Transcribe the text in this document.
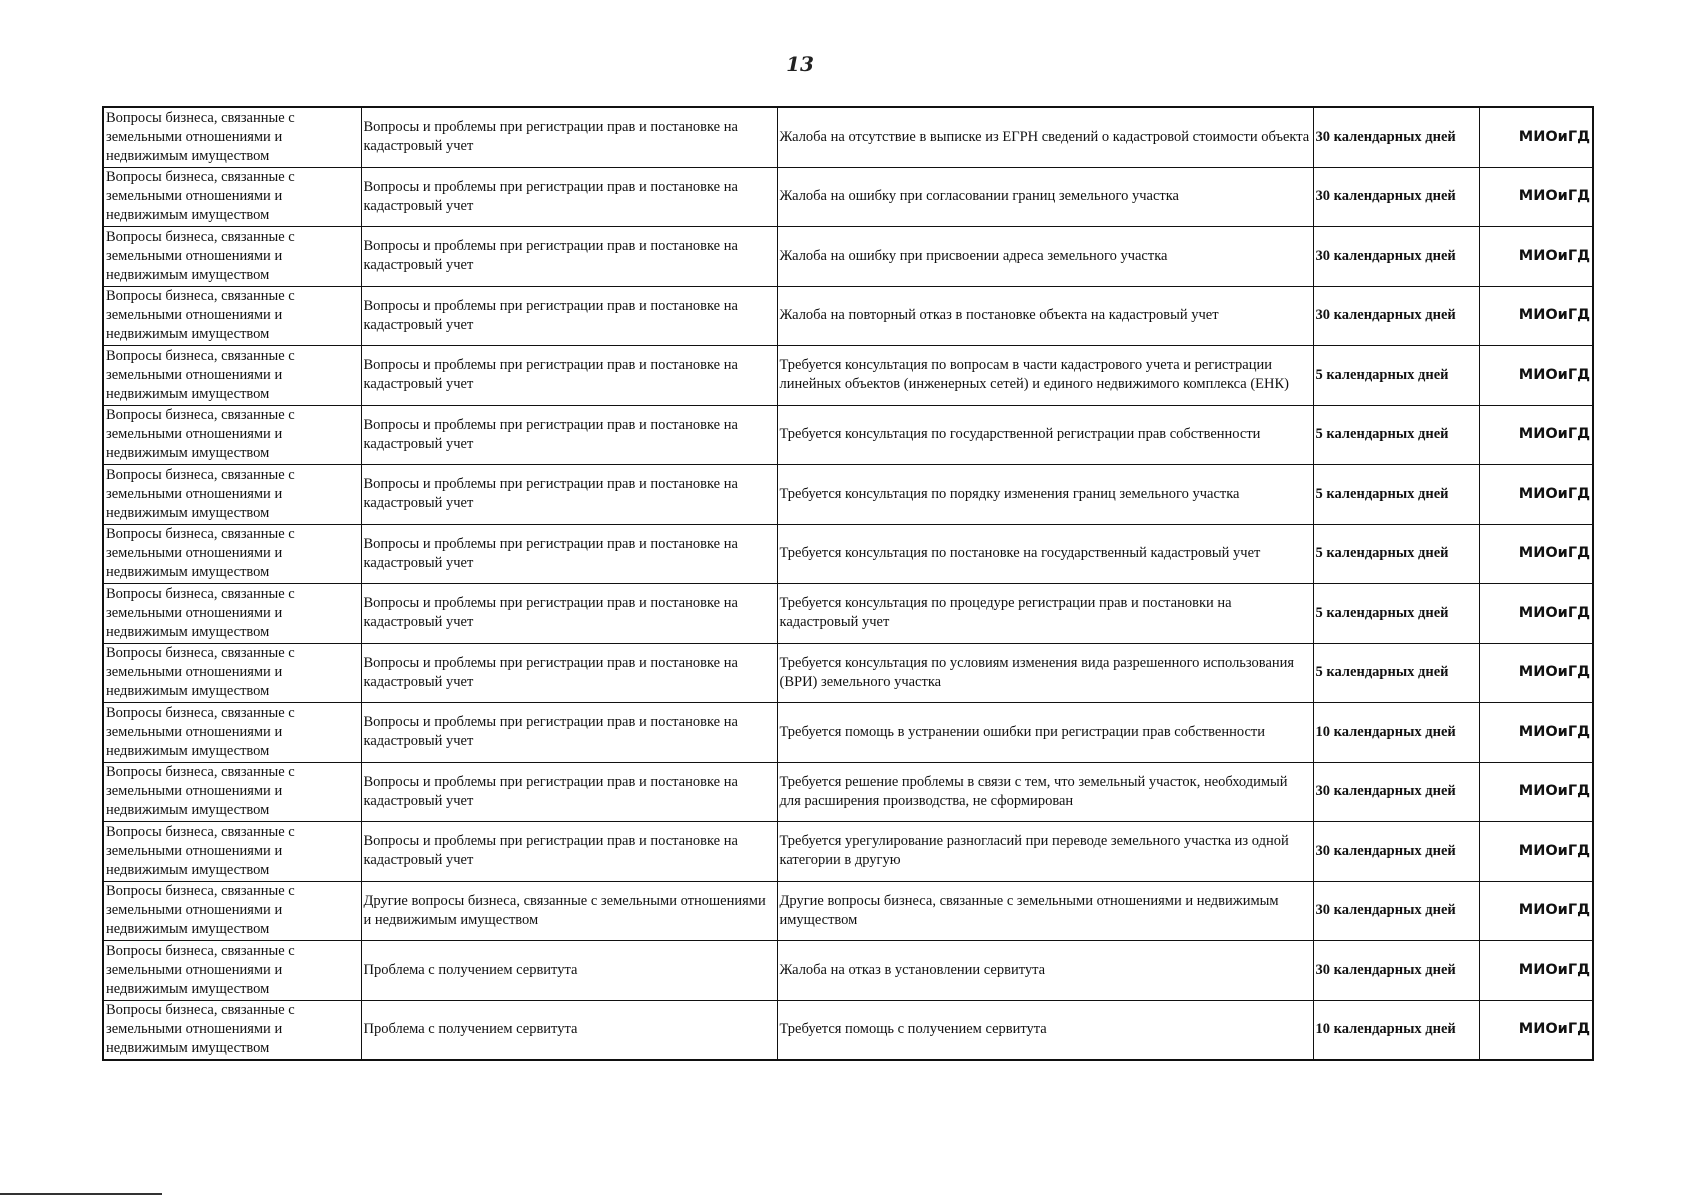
13
Вопросы бизнеса, связанные с земельными отношениями и недвижимым имуществом	Вопросы и проблемы при регистрации прав и постановке на кадастровый учет	Жалоба на отсутствие в выписке из ЕГРН сведений о кадастровой стоимости объекта	30 календарных дней	МИОиГД
Вопросы бизнеса, связанные с земельными отношениями и недвижимым имуществом	Вопросы и проблемы при регистрации прав и постановке на кадастровый учет	Жалоба на ошибку при согласовании границ земельного участка	30 календарных дней	МИОиГД
Вопросы бизнеса, связанные с земельными отношениями и недвижимым имуществом	Вопросы и проблемы при регистрации прав и постановке на кадастровый учет	Жалоба на ошибку при присвоении адреса земельного участка	30 календарных дней	МИОиГД
Вопросы бизнеса, связанные с земельными отношениями и недвижимым имуществом	Вопросы и проблемы при регистрации прав и постановке на кадастровый учет	Жалоба на повторный отказ в постановке объекта на кадастровый учет	30 календарных дней	МИОиГД
Вопросы бизнеса, связанные с земельными отношениями и недвижимым имуществом	Вопросы и проблемы при регистрации прав и постановке на кадастровый учет	Требуется консультация по вопросам в части кадастрового учета и регистрации линейных объектов (инженерных сетей) и единого недвижимого комплекса (ЕНК)	5 календарных дней	МИОиГД
Вопросы бизнеса, связанные с земельными отношениями и недвижимым имуществом	Вопросы и проблемы при регистрации прав и постановке на кадастровый учет	Требуется консультация по государственной регистрации прав собственности	5 календарных дней	МИОиГД
Вопросы бизнеса, связанные с земельными отношениями и недвижимым имуществом	Вопросы и проблемы при регистрации прав и постановке на кадастровый учет	Требуется консультация по порядку изменения границ земельного участка	5 календарных дней	МИОиГД
Вопросы бизнеса, связанные с земельными отношениями и недвижимым имуществом	Вопросы и проблемы при регистрации прав и постановке на кадастровый учет	Требуется консультация по постановке на государственный кадастровый учет	5 календарных дней	МИОиГД
Вопросы бизнеса, связанные с земельными отношениями и недвижимым имуществом	Вопросы и проблемы при регистрации прав и постановке на кадастровый учет	Требуется консультация по процедуре регистрации прав и постановки на кадастровый учет	5 календарных дней	МИОиГД
Вопросы бизнеса, связанные с земельными отношениями и недвижимым имуществом	Вопросы и проблемы при регистрации прав и постановке на кадастровый учет	Требуется консультация по условиям изменения вида разрешенного использования (ВРИ) земельного участка	5 календарных дней	МИОиГД
Вопросы бизнеса, связанные с земельными отношениями и недвижимым имуществом	Вопросы и проблемы при регистрации прав и постановке на кадастровый учет	Требуется помощь в устранении ошибки при регистрации прав собственности	10 календарных дней	МИОиГД
Вопросы бизнеса, связанные с земельными отношениями и недвижимым имуществом	Вопросы и проблемы при регистрации прав и постановке на кадастровый учет	Требуется решение проблемы в связи с тем, что земельный участок, необходимый для расширения производства, не сформирован	30 календарных дней	МИОиГД
Вопросы бизнеса, связанные с земельными отношениями и недвижимым имуществом	Вопросы и проблемы при регистрации прав и постановке на кадастровый учет	Требуется урегулирование разногласий при переводе земельного участка из одной категории в другую	30 календарных дней	МИОиГД
Вопросы бизнеса, связанные с земельными отношениями и недвижимым имуществом	Другие вопросы бизнеса, связанные с земельными отношениями и недвижимым имуществом	Другие вопросы бизнеса, связанные с земельными отношениями и недвижимым имуществом	30 календарных дней	МИОиГД
Вопросы бизнеса, связанные с земельными отношениями и недвижимым имуществом	Проблема с получением сервитута	Жалоба на отказ в установлении сервитута	30 календарных дней	МИОиГД
Вопросы бизнеса, связанные с земельными отношениями и недвижимым имуществом	Проблема с получением сервитута	Требуется помощь с получением сервитута	10 календарных дней	МИОиГД
